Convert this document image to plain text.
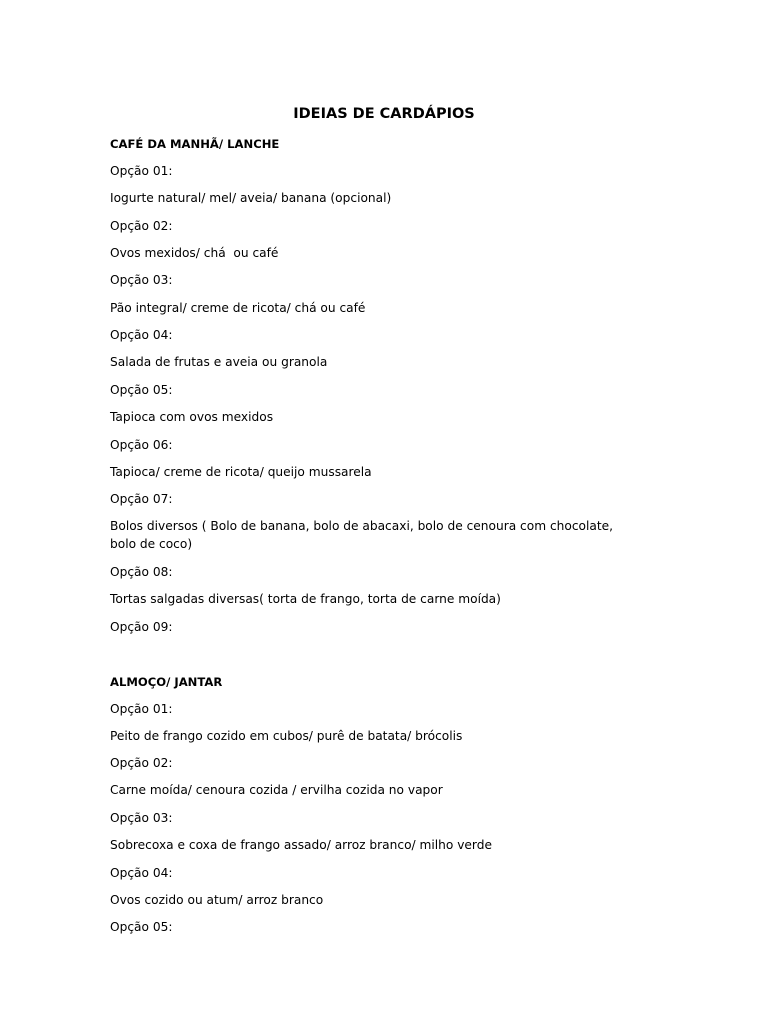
IDEIAS DE CARDÁPIOS
CAFÉ DA MANHÃ/ LANCHE
Opção 01:
Iogurte natural/ mel/ aveia/ banana (opcional)
Opção 02:
Ovos mexidos/ chá  ou café
Opção 03:
Pão integral/ creme de ricota/ chá ou café
Opção 04:
Salada de frutas e aveia ou granola
Opção 05:
Tapioca com ovos mexidos
Opção 06:
Tapioca/ creme de ricota/ queijo mussarela
Opção 07:
Bolos diversos ( Bolo de banana, bolo de abacaxi, bolo de cenoura com chocolate, bolo de coco)
Opção 08:
Tortas salgadas diversas( torta de frango, torta de carne moída)
Opção 09:
ALMOÇO/ JANTAR
Opção 01:
Peito de frango cozido em cubos/ purê de batata/ brócolis
Opção 02:
Carne moída/ cenoura cozida / ervilha cozida no vapor
Opção 03:
Sobrecoxa e coxa de frango assado/ arroz branco/ milho verde
Opção 04:
Ovos cozido ou atum/ arroz branco
Opção 05:
